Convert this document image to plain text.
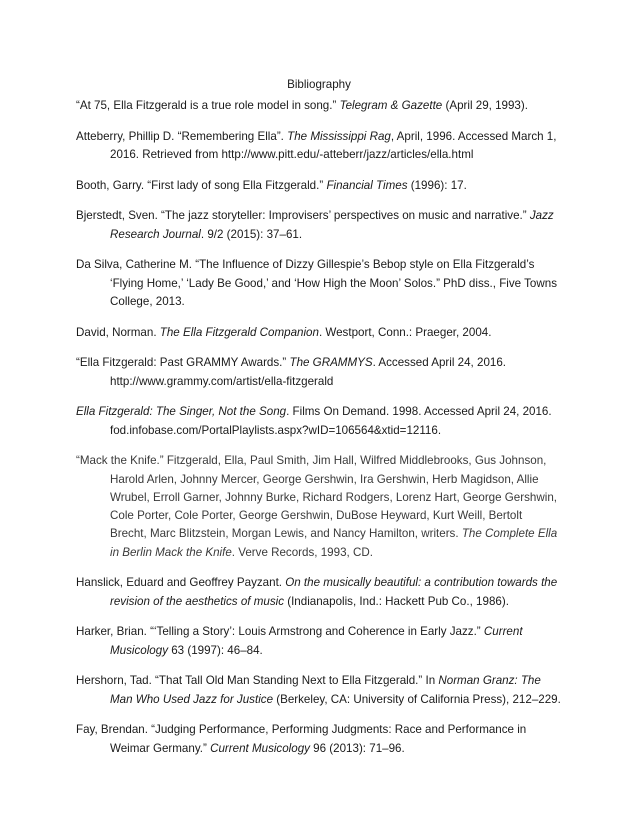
Bibliography
“At 75, Ella Fitzgerald is a true role model in song.” Telegram & Gazette (April 29, 1993).
Atteberry, Phillip D. “Remembering Ella”. The Mississippi Rag, April, 1996. Accessed March 1, 2016. Retrieved from http://www.pitt.edu/-atteberr/jazz/articles/ella.html
Booth, Garry. “First lady of song Ella Fitzgerald.” Financial Times (1996): 17.
Bjerstedt, Sven. “The jazz storyteller: Improvisers’ perspectives on music and narrative.” Jazz Research Journal. 9/2 (2015): 37–61.
Da Silva, Catherine M. “The Influence of Dizzy Gillespie’s Bebop style on Ella Fitzgerald’s ‘Flying Home,’ ‘Lady Be Good,’ and ‘How High the Moon’ Solos.” PhD diss., Five Towns College, 2013.
David, Norman. The Ella Fitzgerald Companion. Westport, Conn.: Praeger, 2004.
“Ella Fitzgerald: Past GRAMMY Awards.” The GRAMMYS. Accessed April 24, 2016. http://www.grammy.com/artist/ella-fitzgerald
Ella Fitzgerald: The Singer, Not the Song. Films On Demand. 1998. Accessed April 24, 2016. fod.infobase.com/PortalPlaylists.aspx?wID=106564&xtid=12116.
“Mack the Knife.” Fitzgerald, Ella, Paul Smith, Jim Hall, Wilfred Middlebrooks, Gus Johnson, Harold Arlen, Johnny Mercer, George Gershwin, Ira Gershwin, Herb Magidson, Allie Wrubel, Erroll Garner, Johnny Burke, Richard Rodgers, Lorenz Hart, George Gershwin, Cole Porter, Cole Porter, George Gershwin, DuBose Heyward, Kurt Weill, Bertolt Brecht, Marc Blitzstein, Morgan Lewis, and Nancy Hamilton, writers. The Complete Ella in Berlin Mack the Knife. Verve Records, 1993, CD.
Hanslick, Eduard and Geoffrey Payzant. On the musically beautiful: a contribution towards the revision of the aesthetics of music (Indianapolis, Ind.: Hackett Pub Co., 1986).
Harker, Brian. “‘Telling a Story’: Louis Armstrong and Coherence in Early Jazz.” Current Musicology 63 (1997): 46–84.
Hershorn, Tad. “That Tall Old Man Standing Next to Ella Fitzgerald.” In Norman Granz: The Man Who Used Jazz for Justice (Berkeley, CA: University of California Press), 212–229.
Fay, Brendan. “Judging Performance, Performing Judgments: Race and Performance in Weimar Germany.” Current Musicology 96 (2013): 71–96.
